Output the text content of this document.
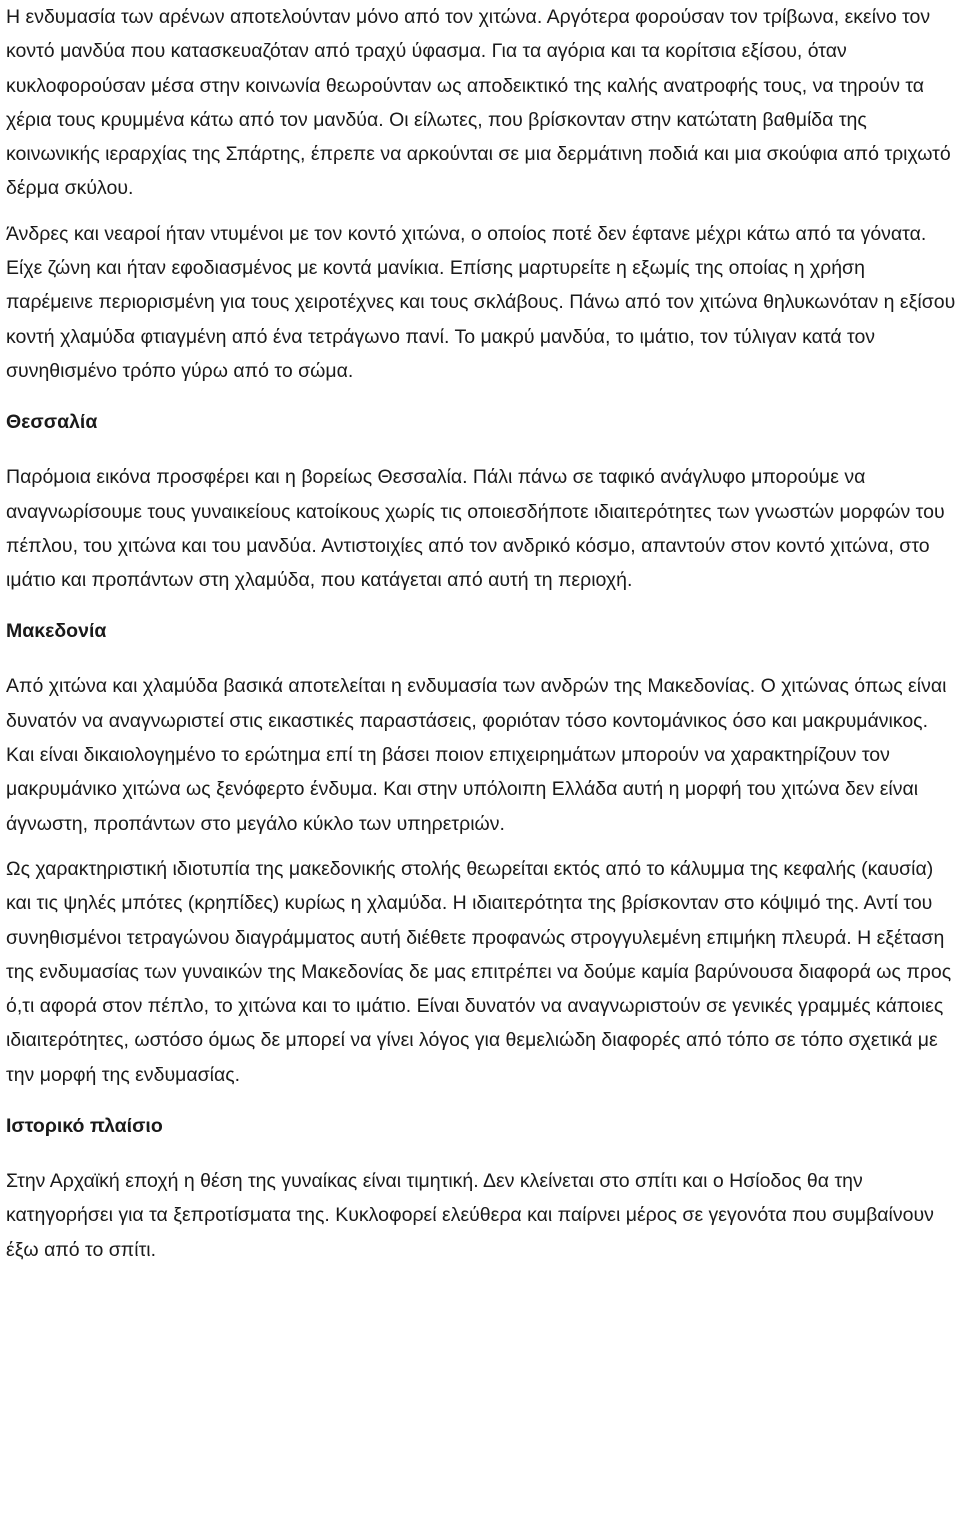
Η ενδυμασία των αρένων αποτελούνταν μόνο από τον χιτώνα. Αργότερα φορούσαν τον τρίβωνα, εκείνο τον κοντό μανδύα που κατασκευαζόταν από τραχύ ύφασμα. Για τα αγόρια και τα κορίτσια εξίσου, όταν κυκλοφορούσαν μέσα στην κοινωνία θεωρούνταν ως αποδεικτικό της καλής ανατροφής τους, να τηρούν τα χέρια τους κρυμμένα κάτω από τον μανδύα. Οι είλωτες, που βρίσκονταν στην κατώτατη βαθμίδα της κοινωνικής ιεραρχίας της Σπάρτης, έπρεπε να αρκούνται σε μια δερμάτινη ποδιά και μια σκούφια από τριχωτό δέρμα σκύλου.

Άνδρες και νεαροί ήταν ντυμένοι με τον κοντό χιτώνα, ο οποίος ποτέ δεν έφτανε μέχρι κάτω από τα γόνατα. Είχε ζώνη και ήταν εφοδιασμένος με κοντά μανίκια. Επίσης μαρτυρείτε η εξωμίς της οποίας η χρήση παρέμεινε περιορισμένη για τους χειροτέχνες και τους σκλάβους. Πάνω από τον χιτώνα θηλυκωνόταν η εξίσου κοντή χλαμύδα φτιαγμένη από ένα τετράγωνο πανί. Το μακρύ μανδύα, το ιμάτιο, τον τύλιγαν κατά τον συνηθισμένο τρόπο γύρω από το σώμα.

Θεσσαλία

Παρόμοια εικόνα προσφέρει και η βορείως Θεσσαλία. Πάλι πάνω σε ταφικό ανάγλυφο μπορούμε να αναγνωρίσουμε τους γυναικείους κατοίκους χωρίς τις οποιεσδήποτε ιδιαιτερότητες των γνωστών μορφών του πέπλου, του χιτώνα και του μανδύα. Αντιστοιχίες από τον ανδρικό κόσμο, απαντούν στον κοντό χιτώνα, στο ιμάτιο και προπάντων στη χλαμύδα, που κατάγεται από αυτή τη περιοχή.

Μακεδονία

Από χιτώνα και χλαμύδα βασικά αποτελείται η ενδυμασία των ανδρών της Μακεδονίας. Ο χιτώνας όπως είναι δυνατόν να αναγνωριστεί στις εικαστικές παραστάσεις, φοριόταν τόσο κοντομάνικος όσο και μακρυμάνικος. Και είναι δικαιολογημένο το ερώτημα επί τη βάσει ποιον επιχειρημάτων μπορούν να χαρακτηρίζουν τον μακρυμάνικο χιτώνα ως ξενόφερτο ένδυμα. Και στην υπόλοιπη Ελλάδα αυτή η μορφή του χιτώνα δεν είναι άγνωστη, προπάντων στο μεγάλο κύκλο των υπηρετριών.

Ως χαρακτηριστική ιδιοτυπία της μακεδονικής στολής θεωρείται εκτός από το κάλυμμα της κεφαλής (καυσία) και τις ψηλές μπότες (κρηπίδες) κυρίως η χλαμύδα. Η ιδιαιτερότητα της βρίσκονταν στο κόψιμό της. Αντί του συνηθισμένοι τετραγώνου διαγράμματος αυτή διέθετε προφανώς στρογγυλεμένη επιμήκη πλευρά. Η εξέταση της ενδυμασίας των γυναικών της Μακεδονίας δε μας επιτρέπει να δούμε καμία βαρύνουσα διαφορά ως προς ό,τι αφορά στον πέπλο, το χιτώνα και το ιμάτιο. Είναι δυνατόν να αναγνωριστούν σε γενικές γραμμές κάποιες ιδιαιτερότητες, ωστόσο όμως δε μπορεί να γίνει λόγος για θεμελιώδη διαφορές από τόπο σε τόπο σχετικά με την μορφή της ενδυμασίας.

Ιστορικό πλαίσιο

Στην Αρχαϊκή εποχή η θέση της γυναίκας είναι τιμητική. Δεν κλείνεται στο σπίτι και ο Ησίοδος θα την κατηγορήσει για τα ξεπροτίσματα της. Κυκλοφορεί ελεύθερα και παίρνει μέρος σε γεγονότα που συμβαίνουν έξω από το σπίτι.
